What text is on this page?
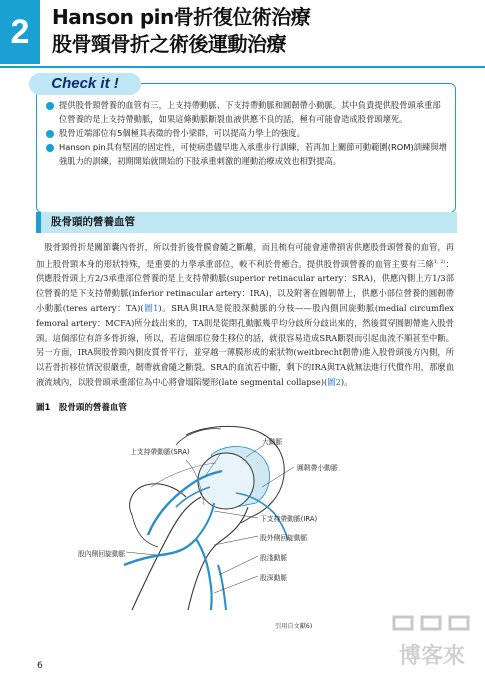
2	Hanson pin骨折復位術治療
股骨頸骨折之術後運動治療
Check it !
提供股骨頸營養的血管有三，上支持帶動脈、下支持帶動脈和圓韌帶小動脈。其中負責提供股骨頭承重部位營養的是上支持帶動脈，如果這條動脈斷裂血液供應不良的話，極有可能會造成股骨頭壞死。
股骨近端部位有5個極具表徵的骨小梁群，可以提高力學上的強度。
Hanson pin具有堅固的固定性，可使病患儘早進入承重步行訓練，若再加上關節可動範圍(ROM)訓練與增強肌力的訓練，初期開始就開始的下肢承重刺激的運動治療成效也相對提高。
股骨頭的營養血管
　股骨頸骨折是關節囊內骨折，所以骨折後骨膜會隨之斷離，而且梳有可能會連帶損害供應股骨頭營養的血管，再加上股骨頸本身的形狀特殊，是重要的力學承重部位，較不利於骨癒合。提供股骨頭營養的血管主要有三條$^{1, 2)}$：供應股骨頭上方2/3承重部位營養的是上支持帶動脈(superior retinacular artery：SRA)，供應內側上方1/3部位營養的是下支持帶動脈(inferior retinacular artery：IRA)，以及附著在圓韌帶上，供應小部位營養的圓韌帶小動脈(teres artery：TA)(圖1)。SRA與IRA是從股深動脈的分枝——股內側回旋動脈(medial circumflex femoral artery：MCFA)所分歧出來的，TA則是從閉孔動脈幾乎均分歧所分歧出來的，然後貫穿圓韌帶進入股骨頭。這個部位有許多骨折線，所以，若這個部位發生移位的話，就很容易造成SRA斷裂而引起血流不順甚至中斷。另一方面，IRA與股骨頸內側皮質骨平行，並穿越一薄膜形成的索狀物(weitbrecht韌帶)進入股骨頭後方內側，所以若骨折移位情況很嚴重，韌帶就會隨之斷裂。SRA的血流若中斷，剩下的IRA與TA就無法進行代償作用，那麼血液流域內，以股骨頭承重部位為中心將會塌陷變形(late segmental collapse)(圖2)。
圖1　股骨頭的營養血管
上支持帶動脈(SRA)
大動脈
圓韌帶小動脈
下支持帶動脈(IRA)
股外側回旋動脈
股內側回旋動脈	股淺動脈
股深動脈
引用自文獻6)
6	博客來
